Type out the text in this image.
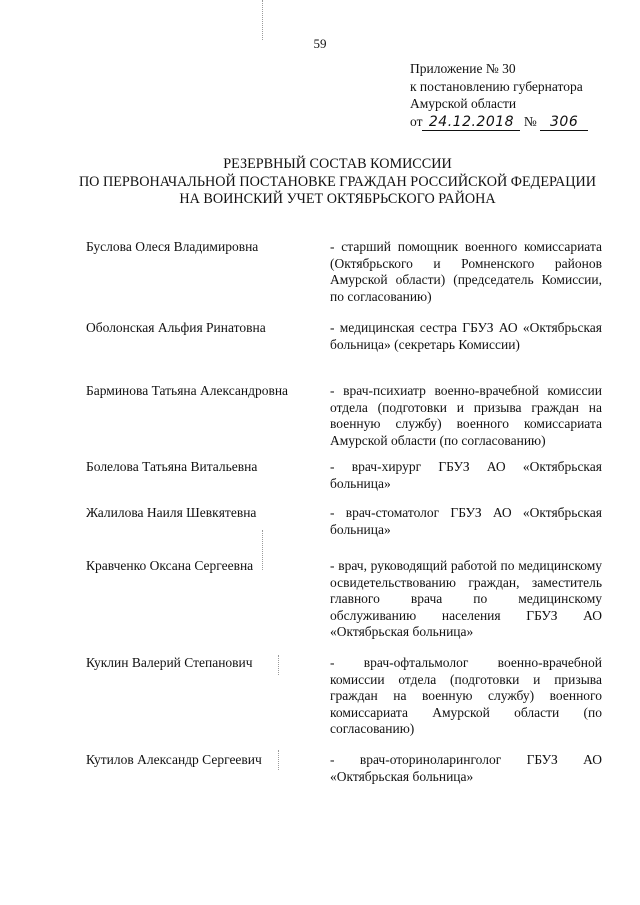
59
Приложение № 30
к постановлению губернатора
Амурской области
от 24.12.2018 № 306
РЕЗЕРВНЫЙ СОСТАВ КОМИССИИ
ПО ПЕРВОНАЧАЛЬНОЙ ПОСТАНОВКЕ ГРАЖДАН РОССИЙСКОЙ ФЕДЕРАЦИИ
НА ВОИНСКИЙ УЧЕТ ОКТЯБРЬСКОГО РАЙОНА
Буслова Олеся Владимировна	- старший помощник военного комиссариата (Октябрьского и Ромненского районов Амурской области) (председатель Комиссии, по согласованию)
Оболонская Альфия Ринатовна	- медицинская сестра ГБУЗ АО «Октябрьская больница» (секретарь Комиссии)
Барминова Татьяна Александровна	- врач-психиатр военно-врачебной комиссии отдела (подготовки и призыва граждан на военную службу) военного комиссариата Амурской области (по согласованию)
Болелова Татьяна Витальевна	- врач-хирург ГБУЗ АО «Октябрьская больница»
Жалилова Наиля Шевкятевна	- врач-стоматолог ГБУЗ АО «Октябрьская больница»
Кравченко Оксана Сергеевна	- врач, руководящий работой по медицинскому освидетельствованию граждан, заместитель главного врача по медицинскому обслуживанию населения ГБУЗ АО «Октябрьская больница»
Куклин Валерий Степанович	- врач-офтальмолог военно-врачебной комиссии отдела (подготовки и призыва граждан на военную службу) военного комиссариата Амурской области (по согласованию)
Кутилов Александр Сергеевич	- врач-оториноларинголог ГБУЗ АО «Октябрьская больница»
